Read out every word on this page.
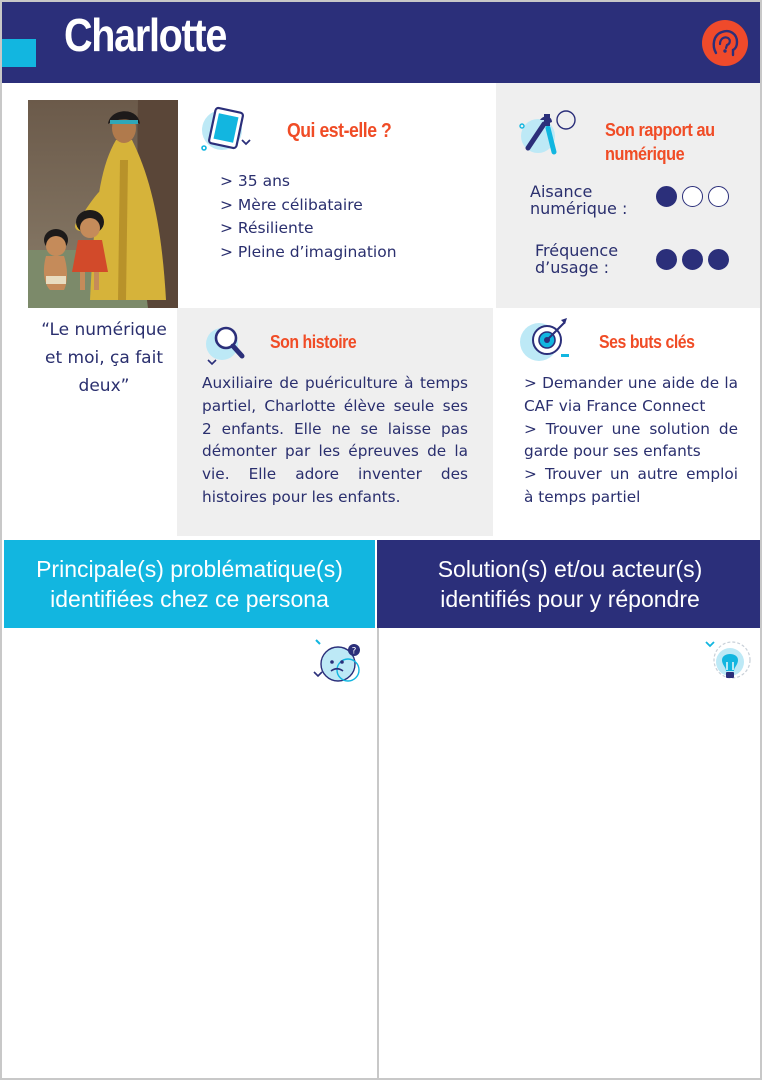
Charlotte
“Le numérique et moi, ça fait deux”
Qui est-elle ?
> 35 ans
> Mère célibataire
> Résiliente
> Pleine d’imagination
Son rapport au numérique
Aisance numérique :
Fréquence d’usage :
Son histoire
Auxiliaire de puériculture à temps partiel, Charlotte élève seule ses 2 enfants. Elle ne se laisse pas démonter par les épreuves de la vie. Elle adore inventer des histoires pour les enfants.
Ses buts clés
> Demander une aide de la CAF via France Connect
> Trouver une solution de garde pour ses enfants
> Trouver un autre emploi à temps partiel
Principale(s) problématique(s) identifiées chez ce persona
Solution(s) et/ou acteur(s) identifiés pour y répondre
?
